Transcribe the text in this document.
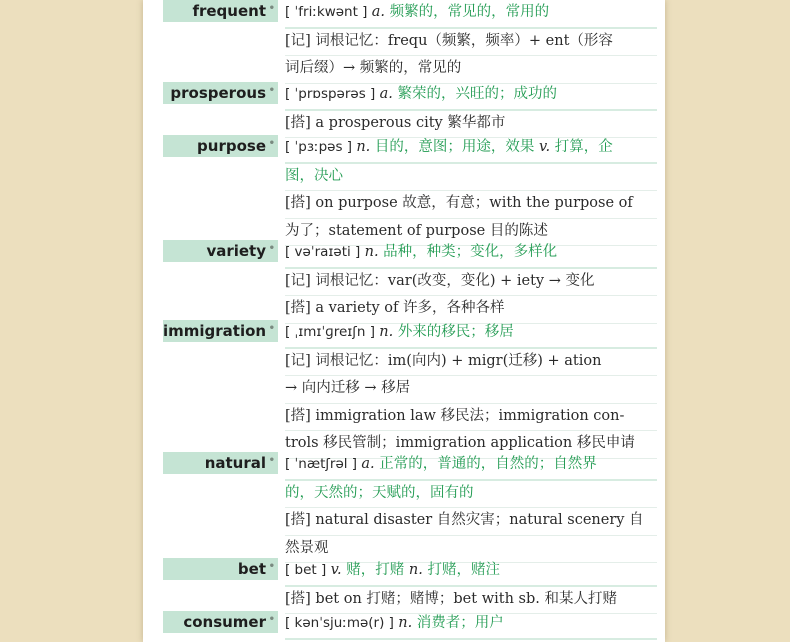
frequent • [ ˈfriːkwənt ] a. 频繁的，常见的，常用的
[记] 词根记忆：frequ（频繁，频率）+ ent（形容
词后缀）→ 频繁的，常见的
prosperous • [ ˈprɒspərəs ] a. 繁荣的，兴旺的；成功的
[搭] a prosperous city 繁华都市
purpose • [ ˈpɜːpəs ] n. 目的，意图；用途，效果 v. 打算，企
图，决心
[搭] on purpose 故意，有意；with the purpose of
为了；statement of purpose 目的陈述
variety • [ vəˈraɪəti ] n. 品种，种类；变化，多样化
[记] 词根记忆：var(改变，变化) + iety → 变化
[搭] a variety of 许多，各种各样
immigration • [ ˌɪmɪˈɡreɪʃn ] n. 外来的移民；移居
[记] 词根记忆：im(向内) + migr(迁移) + ation
→ 向内迁移 → 移居
[搭] immigration law 移民法；immigration con-
trols 移民管制；immigration application 移民申请
natural • [ ˈnætʃrəl ] a. 正常的，普通的，自然的；自然界
的，天然的；天赋的，固有的
[搭] natural disaster 自然灾害；natural scenery 自
然景观
bet • [ bet ] v. 赌，打赌 n. 打赌，赌注
[搭] bet on 打赌；赌博；bet with sb. 和某人打赌
consumer • [ kənˈsjuːmə(r) ] n. 消费者；用户
